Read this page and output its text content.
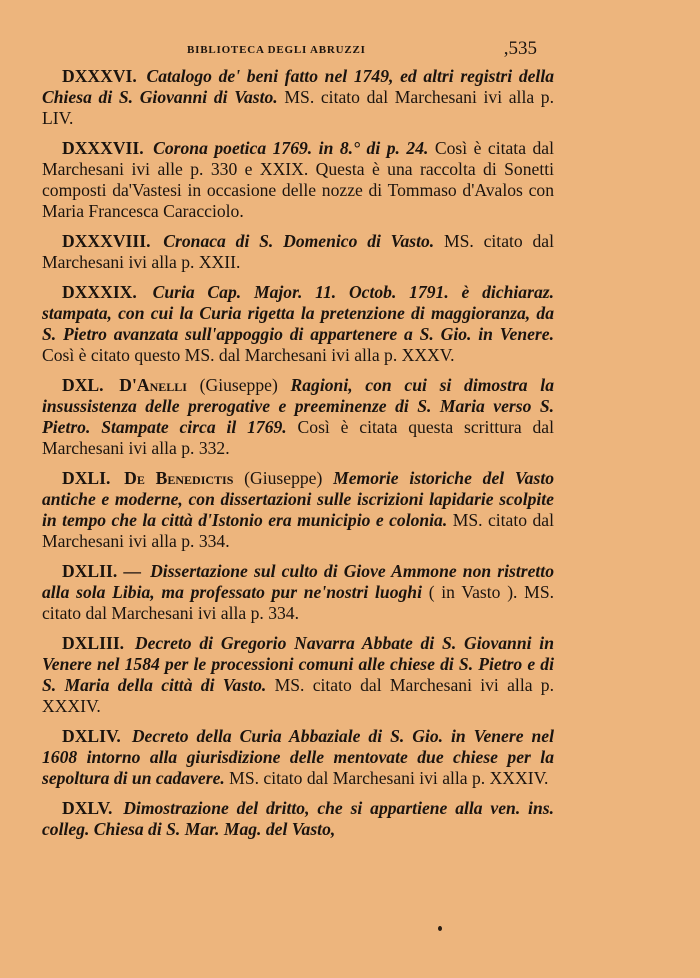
BIBLIOTECA DEGLI ABRUZZI	,535

DXXXVI. Catalogo de' beni fatto nel 1749, ed altri registri della Chiesa di S. Giovanni di Vasto. MS. citato dal Marchesani ivi alla p. LIV.

DXXXVII. Corona poetica 1769. in 8.° di p. 24. Così è citata dal Marchesani ivi alle p. 330 e XXIX. Questa è una raccolta di Sonetti composti da'Vastesi in occasione delle nozze di Tommaso d'Avalos con Maria Francesca Caracciolo.

DXXXVIII. Cronaca di S. Domenico di Vasto. MS. citato dal Marchesani ivi alla p. XXII.

DXXXIX. Curia Cap. Major. 11. Octob. 1791. è dichiaraz. stampata, con cui la Curia rigetta la pretenzione di maggioranza, da S. Pietro avanzata sull'appoggio di appartenere a S. Gio. in Venere. Così è citato questo MS. dal Marchesani ivi alla p. XXXV.

DXL. D'Anelli (Giuseppe) Ragioni, con cui si dimostra la insussistenza delle prerogative e preeminenze di S. Maria verso S. Pietro. Stampate circa il 1769. Così è citata questa scrittura dal Marchesani ivi alla p. 332.

DXLI. De Benedictis (Giuseppe) Memorie istoriche del Vasto antiche e moderne, con dissertazioni sulle iscrizioni lapidarie scolpite in tempo che la città d'Istonio era municipio e colonia. MS. citato dal Marchesani ivi alla p. 334.

DXLII. — Dissertazione sul culto di Giove Ammone non ristretto alla sola Libia, ma professato pur ne'nostri luoghi ( in Vasto ). MS. citato dal Marchesani ivi alla p. 334.

DXLIII. Decreto di Gregorio Navarra Abbate di S. Giovanni in Venere nel 1584 per le processioni comuni alle chiese di S. Pietro e di S. Maria della città di Vasto. MS. citato dal Marchesani ivi alla p. XXXIV.

DXLIV. Decreto della Curia Abbaziale di S. Gio. in Venere nel 1608 intorno alla giurisdizione delle mentovate due chiese per la sepoltura di un cadavere. MS. citato dal Marchesani ivi alla p. XXXIV.

DXLV. Dimostrazione del dritto, che si appartiene alla ven. ins. colleg. Chiesa di S. Mar. Mag. del Vasto,
